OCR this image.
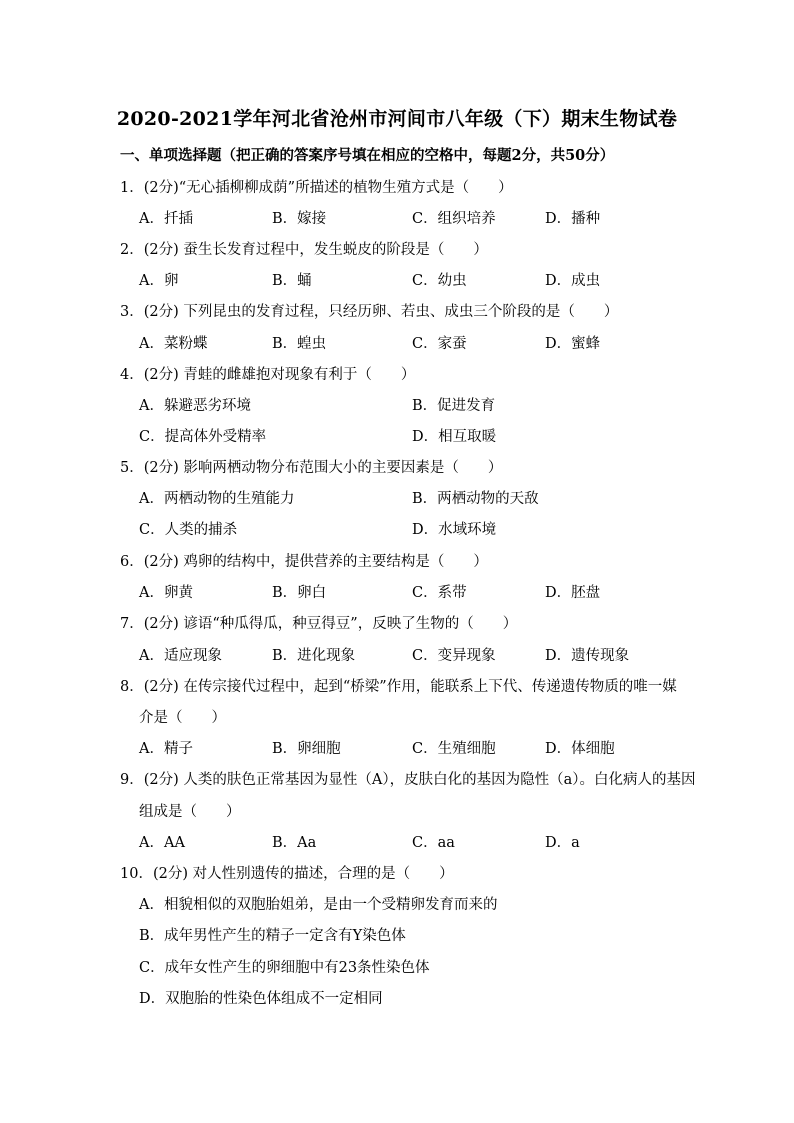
2020-2021学年河北省沧州市河间市八年级（下）期末生物试卷
一、单项选择题（把正确的答案序号填在相应的空格中，每题2分，共50分）
1．(2分)“无心插柳柳成荫”所描述的植物生殖方式是（　　）
A．扦插	B．嫁接	C．组织培养	D．播种
2．(2分) 蚕生长发育过程中，发生蜕皮的阶段是（　　）
A．卵	B．蛹	C．幼虫	D．成虫
3．(2分) 下列昆虫的发育过程，只经历卵、若虫、成虫三个阶段的是（　　）
A．菜粉蝶	B．蝗虫	C．家蚕	D．蜜蜂
4．(2分) 青蛙的雌雄抱对现象有利于（　　）
A．躲避恶劣环境	B．促进发育
C．提高体外受精率	D．相互取暖
5．(2分) 影响两栖动物分布范围大小的主要因素是（　　）
A．两栖动物的生殖能力	B．两栖动物的天敌
C．人类的捕杀	D．水域环境
6．(2分) 鸡卵的结构中，提供营养的主要结构是（　　）
A．卵黄	B．卵白	C．系带	D．胚盘
7．(2分) 谚语“种瓜得瓜，种豆得豆”，反映了生物的（　　）
A．适应现象	B．进化现象	C．变异现象	D．遗传现象
8．(2分) 在传宗接代过程中，起到“桥梁”作用，能联系上下代、传递遗传物质的唯一媒
介是（　　）
A．精子	B．卵细胞	C．生殖细胞	D．体细胞
9．(2分) 人类的肤色正常基因为显性（A），皮肤白化的基因为隐性（a）。白化病人的基因
组成是（　　）
A．AA	B．Aa	C．aa	D．a
10．(2分) 对人性别遗传的描述，合理的是（　　）
A．相貌相似的双胞胎姐弟，是由一个受精卵发育而来的
B．成年男性产生的精子一定含有Y染色体
C．成年女性产生的卵细胞中有23条性染色体
D．双胞胎的性染色体组成不一定相同
